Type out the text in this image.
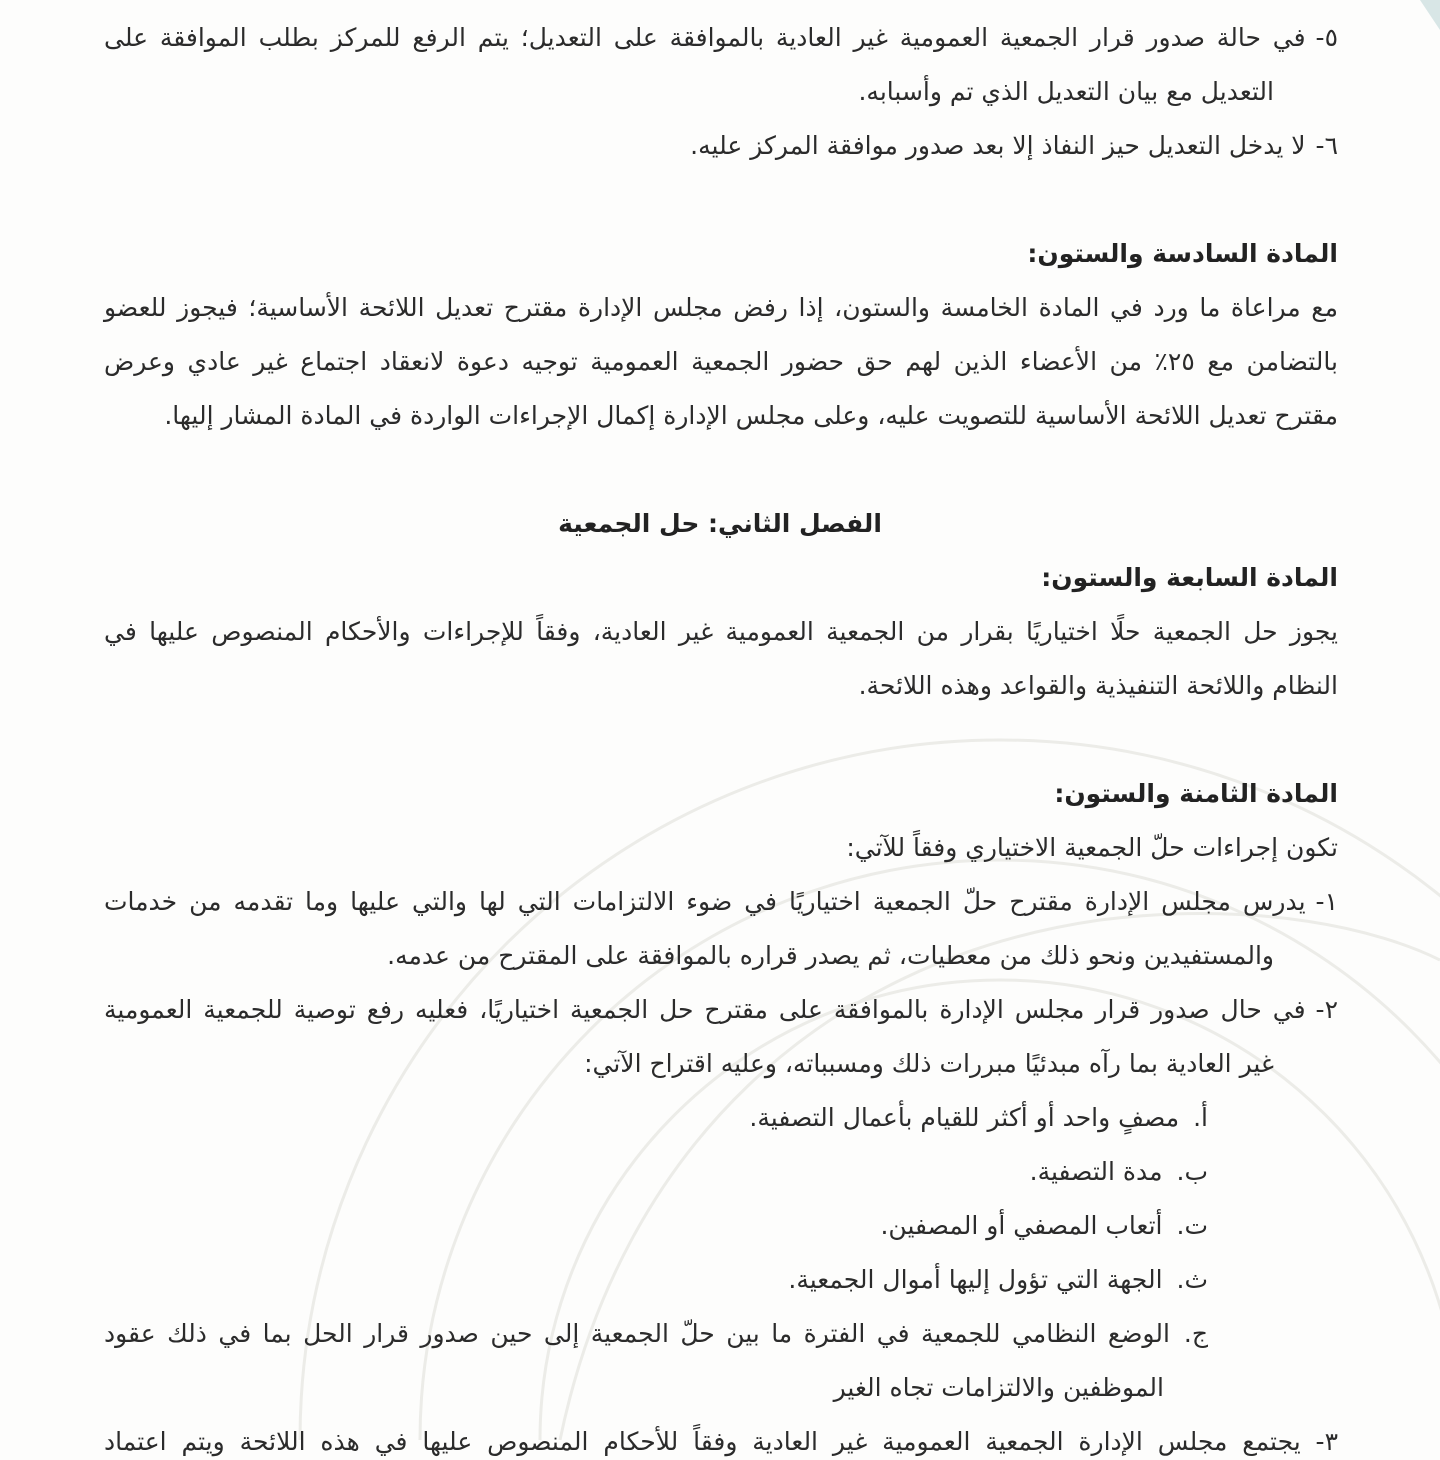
٥-
في حالة صدور قرار الجمعية العمومية غير العادية بالموافقة على التعديل؛ يتم الرفع للمركز بطلب الموافقة على
التعديل مع بيان التعديل الذي تم وأسبابه.
٦-لا يدخل التعديل حيز النفاذ إلا بعد صدور موافقة المركز عليه.
المادة السادسة والستون:
مع مراعاة ما ورد في المادة الخامسة والستون، إذا رفض مجلس الإدارة مقترح تعديل اللائحة الأساسية؛ فيجوز للعضو
بالتضامن مع ٢٥٪ من الأعضاء الذين لهم حق حضور الجمعية العمومية توجيه دعوة لانعقاد اجتماع غير عادي وعرض
مقترح تعديل اللائحة الأساسية للتصويت عليه، وعلى مجلس الإدارة إكمال الإجراءات الواردة في المادة المشار إليها.
الفصل الثاني: حل الجمعية
المادة السابعة والستون:
يجوز حل الجمعية حلًا اختياريًا بقرار من الجمعية العمومية غير العادية، وفقاً للإجراءات والأحكام المنصوص عليها في
النظام واللائحة التنفيذية والقواعد وهذه اللائحة.
المادة الثامنة والستون:
تكون إجراءات حلّ الجمعية الاختياري وفقاً للآتي:
١-
يدرس مجلس الإدارة مقترح حلّ الجمعية اختياريًا في ضوء الالتزامات التي لها والتي عليها وما تقدمه من خدمات
والمستفيدين ونحو ذلك من معطيات، ثم يصدر قراره بالموافقة على المقترح من عدمه.
٢-
في حال صدور قرار مجلس الإدارة بالموافقة على مقترح حل الجمعية اختياريًا، فعليه رفع توصية للجمعية العمومية
غير العادية بما رآه مبدئيًا مبررات ذلك ومسبباته، وعليه اقتراح الآتي:
أ.مصفٍ واحد أو أكثر للقيام بأعمال التصفية.
ب.مدة التصفية.
ت.أتعاب المصفي أو المصفين.
ث.الجهة التي تؤول إليها أموال الجمعية.
ج.
الوضع النظامي للجمعية في الفترة ما بين حلّ الجمعية إلى حين صدور قرار الحل بما في ذلك عقود
الموظفين والالتزامات تجاه الغير
٣- يجتمع مجلس الإدارة الجمعية العمومية غير العادية وفقاً للأحكام المنصوص عليها في هذه اللائحة ويتم اعتماد
